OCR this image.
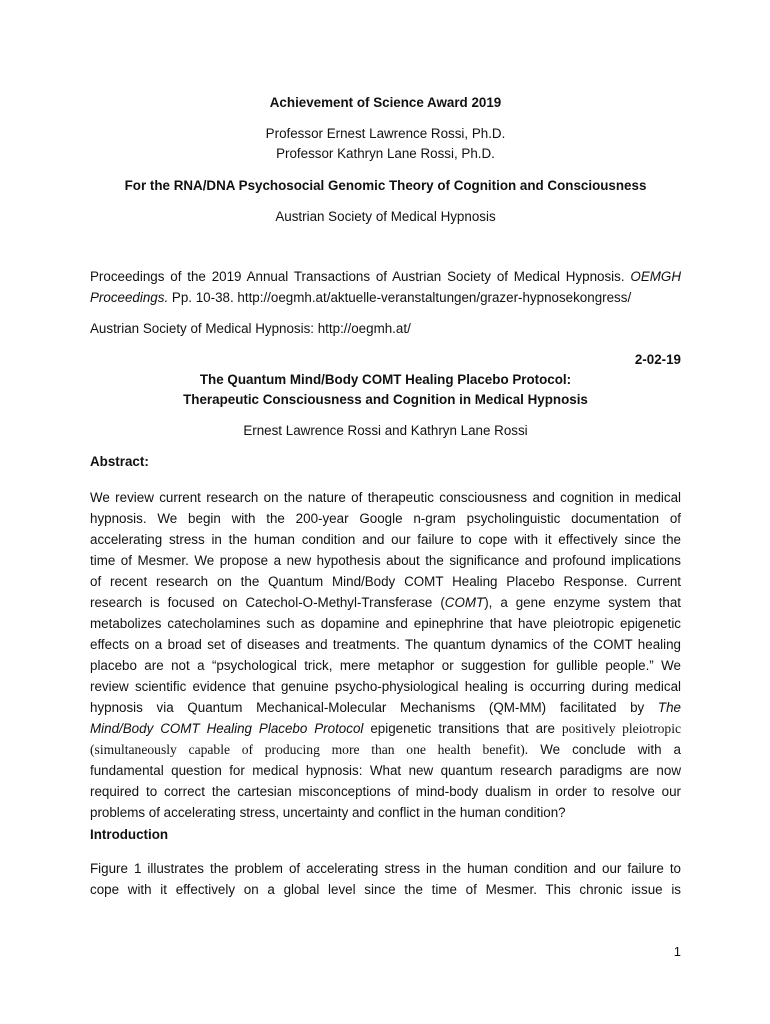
Achievement of Science Award 2019
Professor Ernest Lawrence Rossi, Ph.D.
Professor Kathryn Lane Rossi, Ph.D.
For the RNA/DNA Psychosocial Genomic Theory of Cognition and Consciousness
Austrian Society of Medical Hypnosis
Proceedings of the 2019 Annual Transactions of Austrian Society of Medical Hypnosis. OEMGH
Proceedings. Pp. 10-38. http://oegmh.at/aktuelle-veranstaltungen/grazer-hypnosekongress/
Austrian Society of Medical Hypnosis: http://oegmh.at/
2-02-19
The Quantum Mind/Body COMT Healing Placebo Protocol:
Therapeutic Consciousness and Cognition in Medical Hypnosis
Ernest Lawrence Rossi and Kathryn Lane Rossi
Abstract:
We review current research on the nature of therapeutic consciousness and cognition in medical
hypnosis. We begin with the 200-year Google n-gram psycholinguistic documentation of
accelerating stress in the human condition and our failure to cope with it effectively since the
time of Mesmer. We propose a new hypothesis about the significance and profound implications
of recent research on the Quantum Mind/Body COMT Healing Placebo Response. Current
research is focused on Catechol-O-Methyl-Transferase (COMT), a gene enzyme system that
metabolizes catecholamines such as dopamine and epinephrine that have pleiotropic epigenetic
effects on a broad set of diseases and treatments. The quantum dynamics of the COMT healing
placebo are not a “psychological trick, mere metaphor or suggestion for gullible people.” We
review scientific evidence that genuine psycho-physiological healing is occurring during medical
hypnosis via Quantum Mechanical-Molecular Mechanisms (QM-MM) facilitated by The
Mind/Body COMT Healing Placebo Protocol epigenetic transitions that are positively pleiotropic
(simultaneously capable of producing more than one health benefit). We conclude with a
fundamental question for medical hypnosis: What new quantum research paradigms are now
required to correct the cartesian misconceptions of mind-body dualism in order to resolve our
problems of accelerating stress, uncertainty and conflict in the human condition?
Introduction
Figure 1 illustrates the problem of accelerating stress in the human condition and our failure to
cope with it effectively on a global level since the time of Mesmer. This chronic issue is
1
